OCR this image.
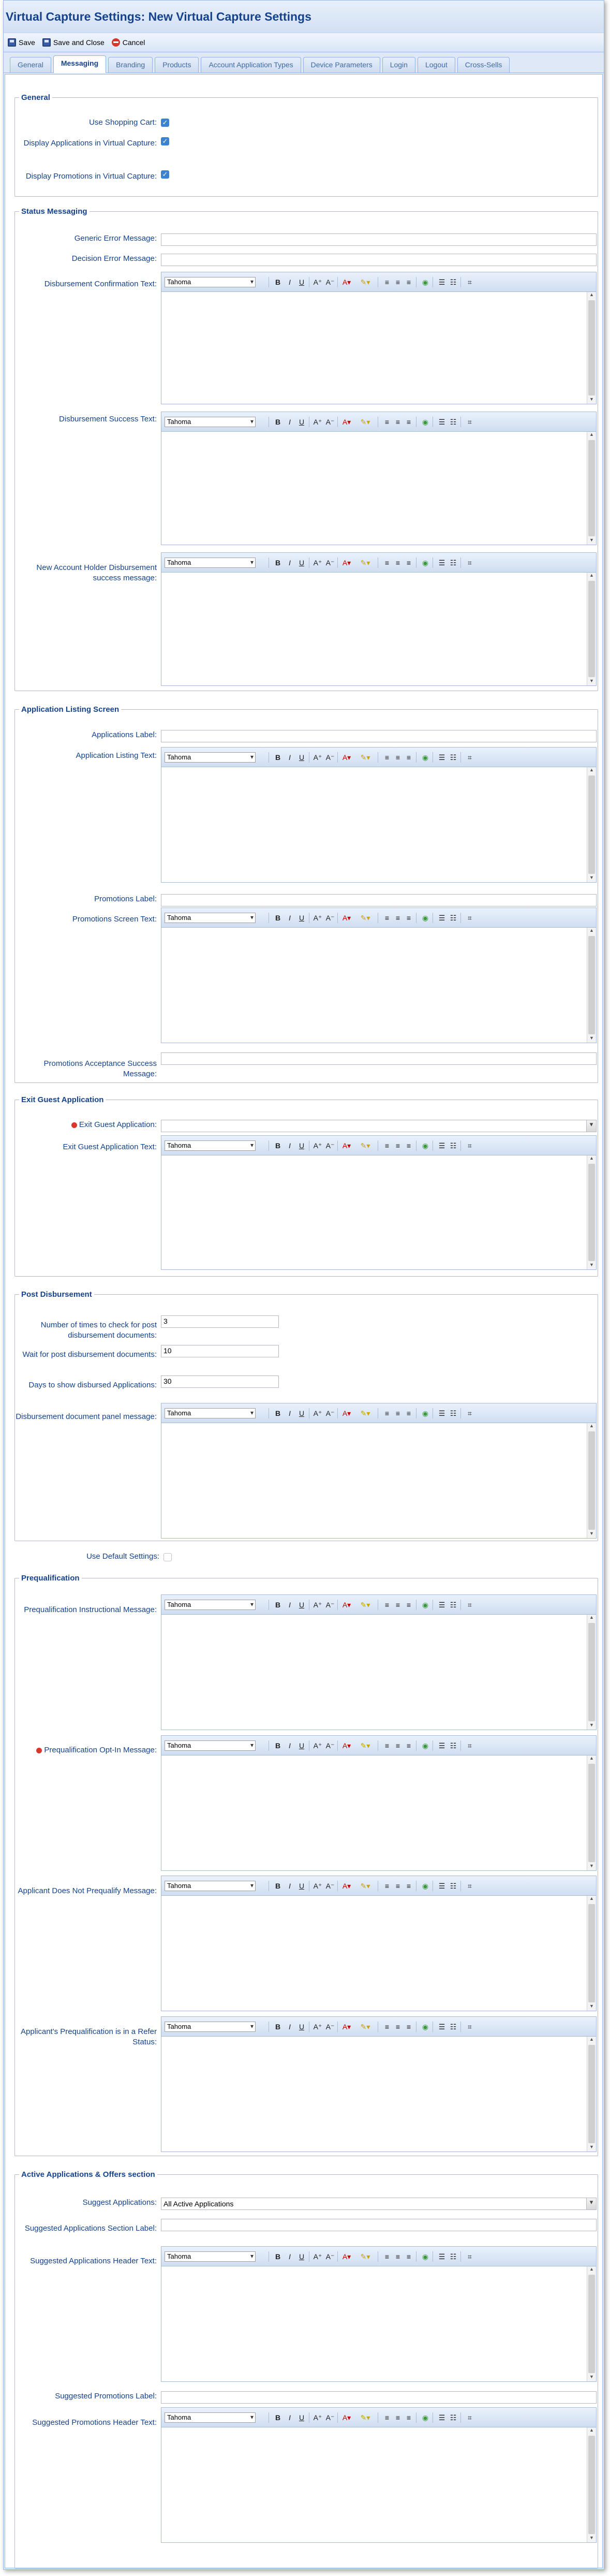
Virtual Capture Settings: New Virtual Capture Settings
Save	Save and Close	Cancel
General	Messaging	Branding	Products	Account Application Types	Device Parameters	Login	Logout	Cross-Sells
General
Use Shopping Cart: ✓
Display Applications in Virtual Capture: ✓
Display Promotions in Virtual Capture: ✓
Status Messaging
Generic Error Message:
Decision Error Message:
Disbursement Confirmation Text:	Tahoma ▾	B	I	U	A⁺ A⁻ A▾ ✎▾	≡ ≡ ≡	◉ ☰ ☷	⌗
▲
▼
Disbursement Success Text:	Tahoma ▾	B	I	U	A⁺ A⁻ A▾ ✎▾	≡ ≡ ≡	◉ ☰ ☷	⌗
▲
▼
New Account Holder Disbursement success message:
Tahoma ▾	B	I	U	A⁺ A⁻ A▾ ✎▾	≡ ≡ ≡	◉ ☰ ☷	⌗
▲
▼
Application Listing Screen
Applications Label:
Application Listing Text:	Tahoma ▾	B	I	U	A⁺ A⁻ A▾ ✎▾	≡ ≡ ≡	◉ ☰ ☷	⌗
▲
▼
Promotions Label:
Promotions Screen Text:	Tahoma ▾	B	I	U	A⁺ A⁻ A▾ ✎▾	≡ ≡ ≡	◉ ☰ ☷	⌗
▲
▼
Promotions Acceptance Success Message:
Exit Guest Application
Exit Guest Application:
▾
Exit Guest Application Text:	Tahoma ▾	B	I	U	A⁺ A⁻ A▾ ✎▾	≡ ≡ ≡	◉ ☰ ☷	⌗
▲
▼
Post Disbursement
Number of times to check for post disbursement documents:
3
Wait for post disbursement documents: 10
Days to show disbursed Applications: 30
Disbursement document panel message:	Tahoma ▾	B	I	U	A⁺ A⁻ A▾ ✎▾	≡ ≡ ≡	◉ ☰ ☷	⌗
▲
▼
Use Default Settings:
Prequalification
Prequalification Instructional Message:
Tahoma ▾	B	I	U	A⁺ A⁻ A▾ ✎▾	≡ ≡ ≡	◉ ☰ ☷	⌗
▲
▼
Prequalification Opt-In Message:
Tahoma ▾	B	I	U	A⁺ A⁻ A▾ ✎▾	≡ ≡ ≡	◉ ☰ ☷	⌗
▲
▼
Applicant Does Not Prequalify Message:
Tahoma ▾	B	I	U	A⁺ A⁻ A▾ ✎▾	≡ ≡ ≡	◉ ☰ ☷	⌗
▲
▼
Applicant's Prequalification is in a Refer Status:
Tahoma ▾	B	I	U	A⁺ A⁻ A▾ ✎▾	≡ ≡ ≡	◉ ☰ ☷	⌗
▲
▼
Active Applications & Offers section
Suggest Applications: All Active Applications ▾
Suggested Applications Section Label:
Suggested Applications Header Text:
Tahoma ▾	B	I	U	A⁺ A⁻ A▾ ✎▾	≡ ≡ ≡	◉ ☰ ☷	⌗
▲
▼
Suggested Promotions Label:
Suggested Promotions Header Text:
Tahoma ▾	B	I	U	A⁺ A⁻ A▾ ✎▾	≡ ≡ ≡	◉ ☰ ☷	⌗
▲
▼
